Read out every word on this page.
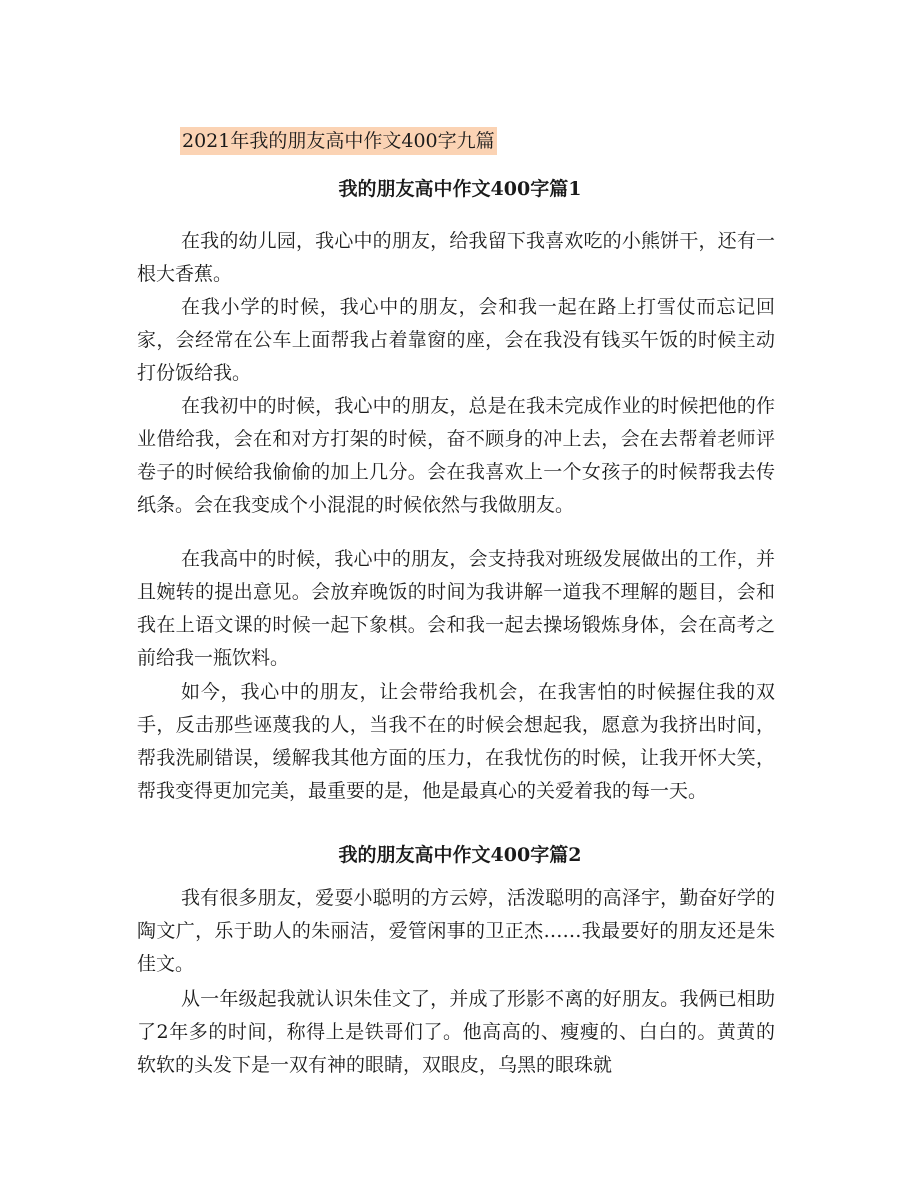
2021年我的朋友高中作文400字九篇
我的朋友高中作文400字篇1

在我的幼儿园，我心中的朋友，给我留下我喜欢吃的小熊饼干，还有一根大香蕉。

在我小学的时候，我心中的朋友，会和我一起在路上打雪仗而忘记回家，会经常在公车上面帮我占着靠窗的座，会在我没有钱买午饭的时候主动打份饭给我。

在我初中的时候，我心中的朋友，总是在我未完成作业的时候把他的作业借给我，会在和对方打架的时候，奋不顾身的冲上去，会在去帮着老师评卷子的时候给我偷偷的加上几分。会在我喜欢上一个女孩子的时候帮我去传纸条。会在我变成个小混混的时候依然与我做朋友。

在我高中的时候，我心中的朋友，会支持我对班级发展做出的工作，并且婉转的提出意见。会放弃晚饭的时间为我讲解一道我不理解的题目，会和我在上语文课的时候一起下象棋。会和我一起去操场锻炼身体，会在高考之前给我一瓶饮料。

如今，我心中的朋友，让会带给我机会，在我害怕的时候握住我的双手，反击那些诬蔑我的人，当我不在的时候会想起我，愿意为我挤出时间，帮我洗刷错误，缓解我其他方面的压力，在我忧伤的时候，让我开怀大笑，帮我变得更加完美，最重要的是，他是最真心的关爱着我的每一天。

我的朋友高中作文400字篇2

我有很多朋友，爱耍小聪明的方云婷，活泼聪明的高泽宇，勤奋好学的陶文广，乐于助人的朱丽洁，爱管闲事的卫正杰……我最要好的朋友还是朱佳文。

从一年级起我就认识朱佳文了，并成了形影不离的好朋友。我俩已相助了2年多的时间，称得上是铁哥们了。他高高的、瘦瘦的、白白的。黄黄的软软的头发下是一双有神的眼睛，双眼皮，乌黑的眼珠就
